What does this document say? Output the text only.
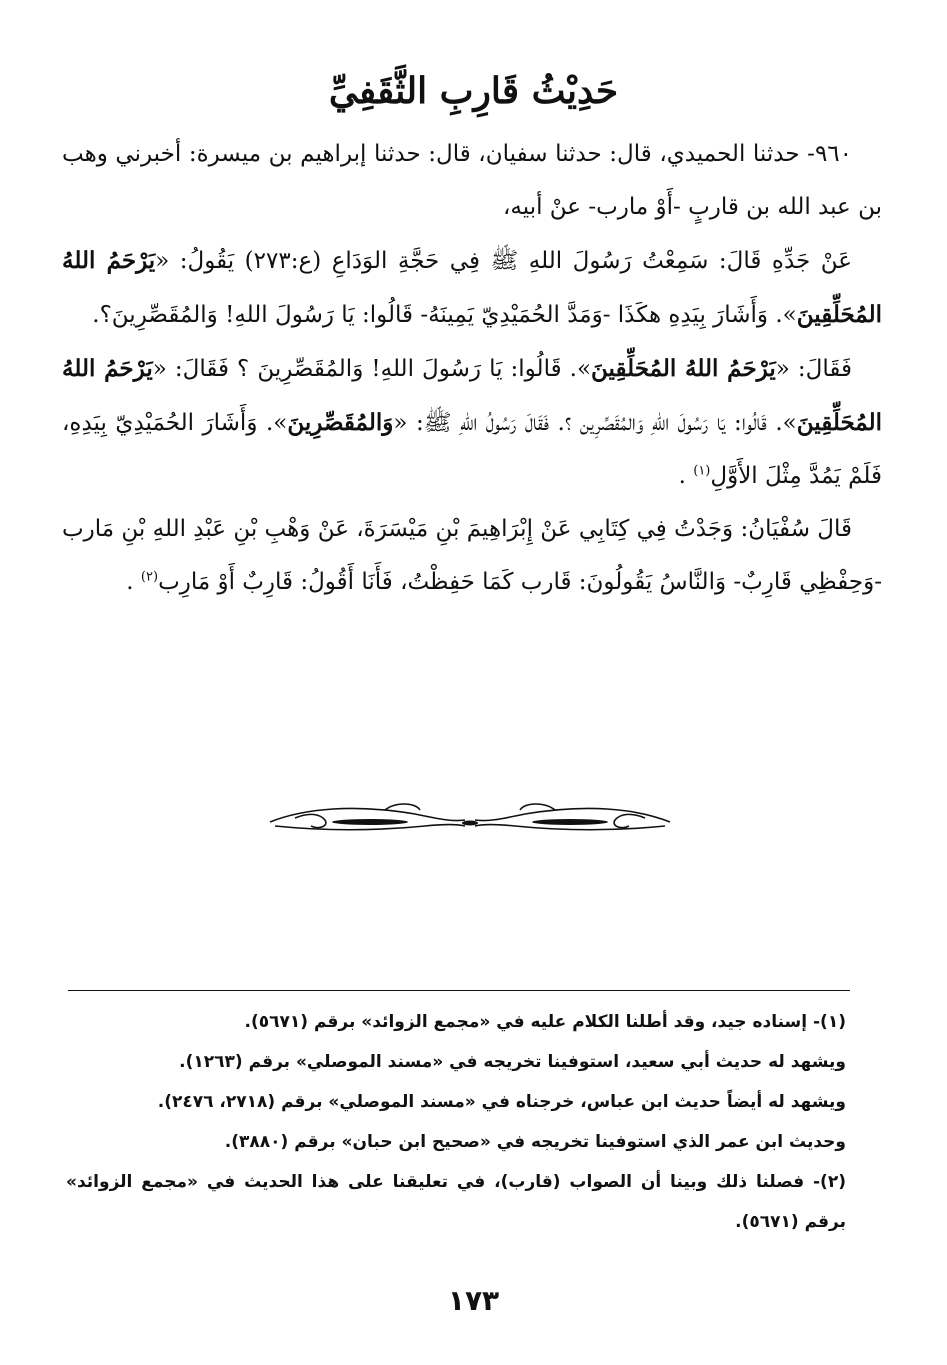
حَدِيْثُ قَارِبِ الثَّقَفِيِّ

٩٦٠- حدثنا الحميدي، قال: حدثنا سفيان، قال: حدثنا إبراهيم بن ميسرة: أخبرني وهب بن عبد الله بن قاربٍ -أَوْ مارب- عنْ أبيه،

عَنْ جَدِّهِ قَالَ: سَمِعْتُ رَسُولَ اللهِ ﷺ فِي حَجَّةِ الوَدَاعِ (ع:٢٧٣) يَقُولُ: «يَرْحَمُ اللهُ المُحَلِّقِينَ». وَأَشَارَ بِيَدِهِ هكَذَا -وَمَدَّ الحُمَيْدِيّ يَمِينَهُ- قَالُوا: يَا رَسُولَ اللهِ! وَالمُقَصِّرِينَ؟.

فَقَالَ: «يَرْحَمُ اللهُ المُحَلِّقِينَ». قَالُوا: يَا رَسُولَ اللهِ! وَالمُقَصِّرِينَ ؟ فَقَالَ: «يَرْحَمُ اللهُ المُحَلِّقِينَ». قَالُوا: يَا رَسُولَ اللهِ وَالمُقَصِّرِين ؟. فَقَالَ رَسُولُ اللهِ ﷺ: «وَالمُقَصِّرِينَ». وَأَشَارَ الحُمَيْدِيّ بِيَدِهِ، فَلَمْ يَمُدَّ مِثْلَ الأَوَّلِ$^{(١)}$ .

قَالَ سُفْيَانُ: وَجَدْتُ فِي كِتَابِي عَنْ إِبْرَاهِيمَ بْنِ مَيْسَرَةَ، عَنْ وَهْبِ بْنِ عَبْدِ اللهِ بْنِ مَارب -وَحِفْظِي قَارِبٌ- وَالنَّاسُ يَقُولُونَ: قَارب كَمَا حَفِظْتُ، فَأَنَا أَقُولُ: قَارِبٌ أَوْ مَارِب$^{(٢)}$ .

(١)- إسناده جيد، وقد أطلنا الكلام عليه في «مجمع الزوائد» برقم (٥٦٧١).

ويشهد له حديث أبي سعيد، استوفينا تخريجه في «مسند الموصلي» برقم (١٢٦٣).

ويشهد له أيضاً حديث ابن عباس، خرجناه في «مسند الموصلي» برقم (٢٧١٨، ٢٤٧٦).

وحديث ابن عمر الذي استوفينا تخريجه في «صحيح ابن حبان» برقم (٣٨٨٠).

(٢)- فصلنا ذلك وبينا أن الصواب (قارب)، في تعليقنا على هذا الحديث في «مجمع الزوائد» برقم (٥٦٧١).

١٧٣
